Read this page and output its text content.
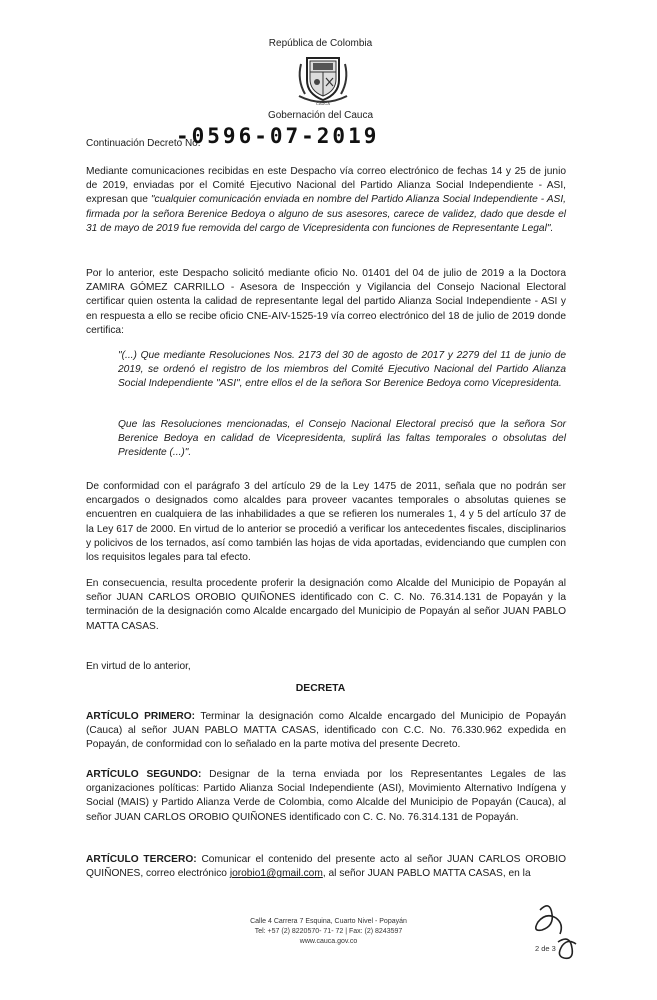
República de Colombia
CAUCA
Gobernación del Cauca
Continuación Decreto No.
-0596-07-2019

Mediante comunicaciones recibidas en este Despacho vía correo electrónico de fechas 14 y 25 de junio de 2019, enviadas por el Comité Ejecutivo Nacional del Partido Alianza Social Independiente - ASI, expresan que "cualquier comunicación enviada en nombre del Partido Alianza Social Independiente - ASI, firmada por la señora Berenice Bedoya o alguno de sus asesores, carece de validez, dado que desde el 31 de mayo de 2019 fue removida del cargo de Vicepresidenta con funciones de Representante Legal".

Por lo anterior, este Despacho solicitó mediante oficio No. 01401 del 04 de julio de 2019 a la Doctora ZAMIRA GÓMEZ CARRILLO - Asesora de Inspección y Vigilancia del Consejo Nacional Electoral certificar quien ostenta la calidad de representante legal del partido Alianza Social Independiente - ASI y en respuesta a ello se recibe oficio CNE-AIV-1525-19 vía correo electrónico del 18 de julio de 2019 donde certifica:

"(...) Que mediante Resoluciones Nos. 2173 del 30 de agosto de 2017 y 2279 del 11 de junio de 2019, se ordenó el registro de los miembros del Comité Ejecutivo Nacional del Partido Alianza Social Independiente "ASI", entre ellos el de la señora Sor Berenice Bedoya como Vicepresidenta.

Que las Resoluciones mencionadas, el Consejo Nacional Electoral precisó que la señora Sor Berenice Bedoya en calidad de Vicepresidenta, suplirá las faltas temporales o obsolutas del Presidente (...)".

De conformidad con el parágrafo 3 del artículo 29 de la Ley 1475 de 2011, señala que no podrán ser encargados o designados como alcaldes para proveer vacantes temporales o absolutas quienes se encuentren en cualquiera de las inhabilidades a que se refieren los numerales 1, 4 y 5 del artículo 37 de la Ley 617 de 2000. En virtud de lo anterior se procedió a verificar los antecedentes fiscales, disciplinarios y policivos de los ternados, así como también las hojas de vida aportadas, evidenciando que cumplen con los requisitos legales para tal efecto.

En consecuencia, resulta procedente proferir la designación como Alcalde del Municipio de Popayán al señor JUAN CARLOS OROBIO QUIÑONES identificado con C. C. No. 76.314.131 de Popayán y la terminación de la designación como Alcalde encargado del Municipio de Popayán al señor JUAN PABLO MATTA CASAS.

En virtud de lo anterior,

DECRETA

ARTÍCULO PRIMERO: Terminar la designación como Alcalde encargado del Municipio de Popayán (Cauca) al señor JUAN PABLO MATTA CASAS, identificado con C.C. No. 76.330.962 expedida en Popayán, de conformidad con lo señalado en la parte motiva del presente Decreto.

ARTÍCULO SEGUNDO: Designar de la terna enviada por los Representantes Legales de las organizaciones políticas: Partido Alianza Social Independiente (ASI), Movimiento Alternativo Indígena y Social (MAIS) y Partido Alianza Verde de Colombia, como Alcalde del Municipio de Popayán (Cauca), al señor JUAN CARLOS OROBIO QUIÑONES identificado con C. C. No. 76.314.131 de Popayán.

ARTÍCULO TERCERO: Comunicar el contenido del presente acto al señor JUAN CARLOS OROBIO QUIÑONES, correo electrónico jorobio1@gmail.com, al señor JUAN PABLO MATTA CASAS, en la

Calle 4 Carrera 7 Esquina, Cuarto Nivel - Popayán
Tel: +57 (2) 8220570- 71- 72 | Fax: (2) 8243597
www.cauca.gov.co
2 de 3
